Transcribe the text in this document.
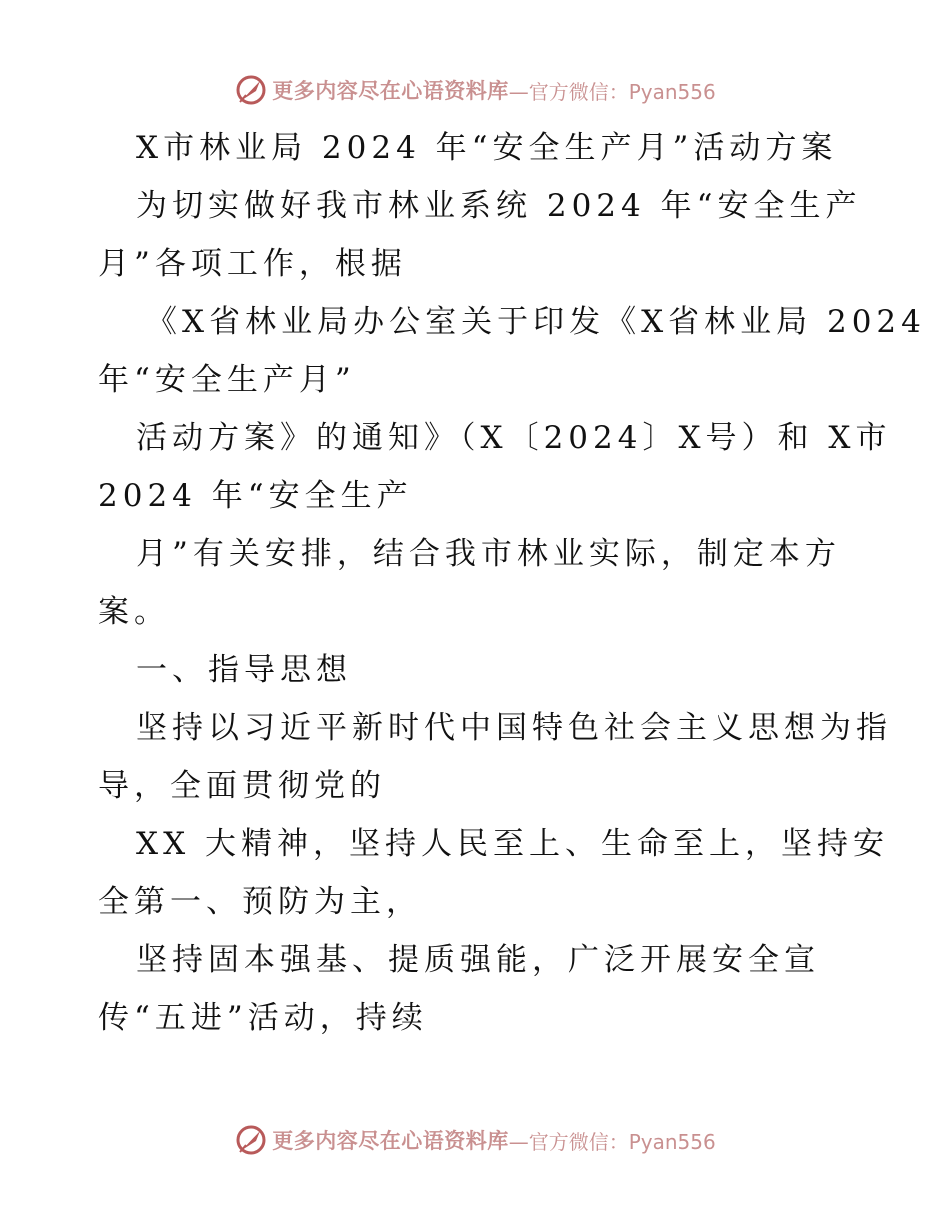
更多内容尽在心语资料库 —官方微信：Pyan556
X市林业局 2024 年“安全生产月”活动方案
为切实做好我市林业系统 2024 年“安全生产
月”各项工作，根据
《X省林业局办公室关于印发《X省林业局 2024
年“安全生产月”
活动方案》的通知》（X〔2024〕X号）和 X市
2024 年“安全生产
月”有关安排，结合我市林业实际，制定本方
案。
一、指导思想
坚持以习近平新时代中国特色社会主义思想为指
导，全面贯彻党的
XX 大精神，坚持人民至上、生命至上，坚持安
全第一、预防为主，
坚持固本强基、提质强能，广泛开展安全宣
传“五进”活动，持续
更多内容尽在心语资料库 —官方微信：Pyan556
